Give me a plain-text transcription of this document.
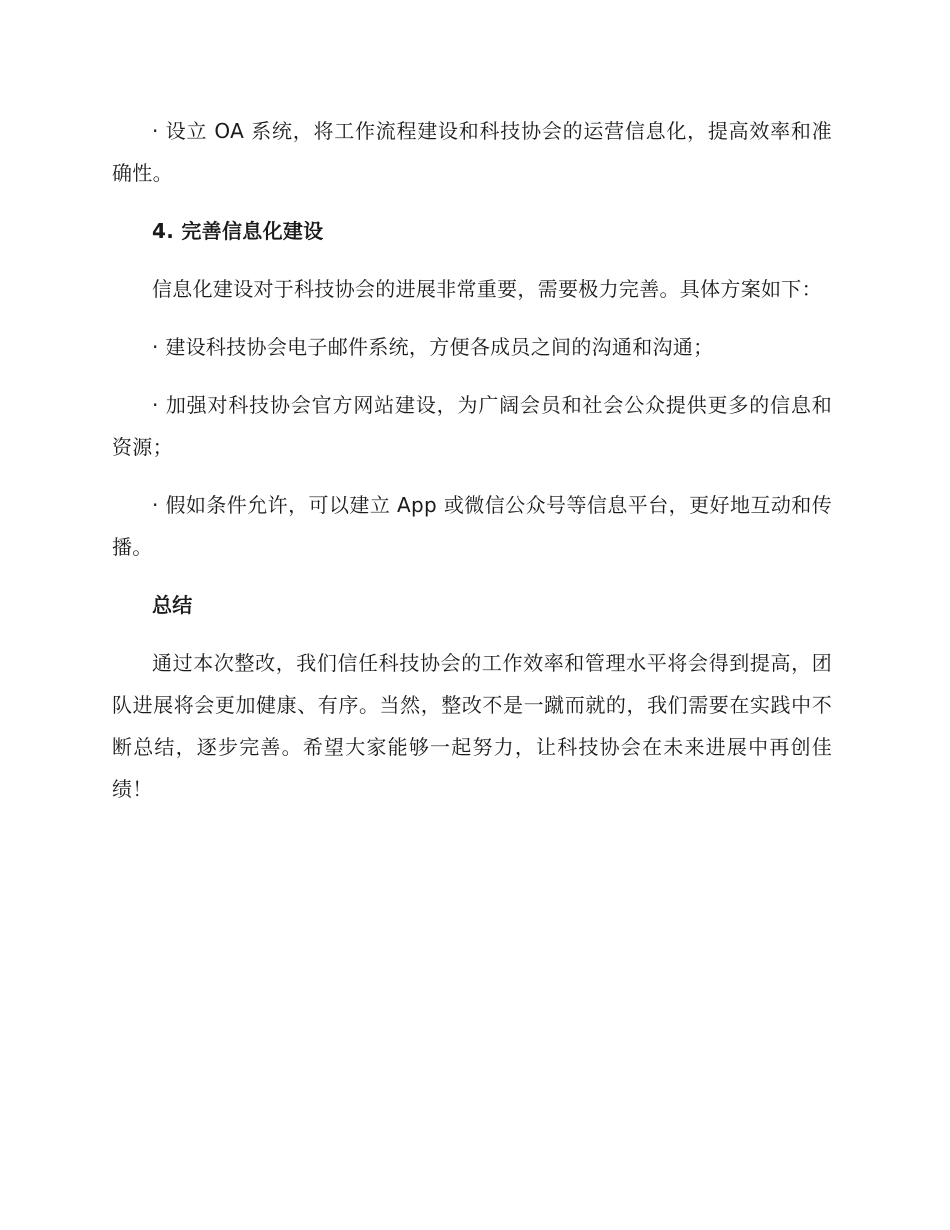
· 设立 OA 系统，将工作流程建设和科技协会的运营信息化，提高效率和准确性。

4. 完善信息化建设

信息化建设对于科技协会的进展非常重要，需要极力完善。具体方案如下：

· 建设科技协会电子邮件系统，方便各成员之间的沟通和沟通；

· 加强对科技协会官方网站建设，为广阔会员和社会公众提供更多的信息和资源；

· 假如条件允许，可以建立 App 或微信公众号等信息平台，更好地互动和传播。

总结

通过本次整改，我们信任科技协会的工作效率和管理水平将会得到提高，团队进展将会更加健康、有序。当然，整改不是一蹴而就的，我们需要在实践中不断总结，逐步完善。希望大家能够一起努力，让科技协会在未来进展中再创佳绩！
